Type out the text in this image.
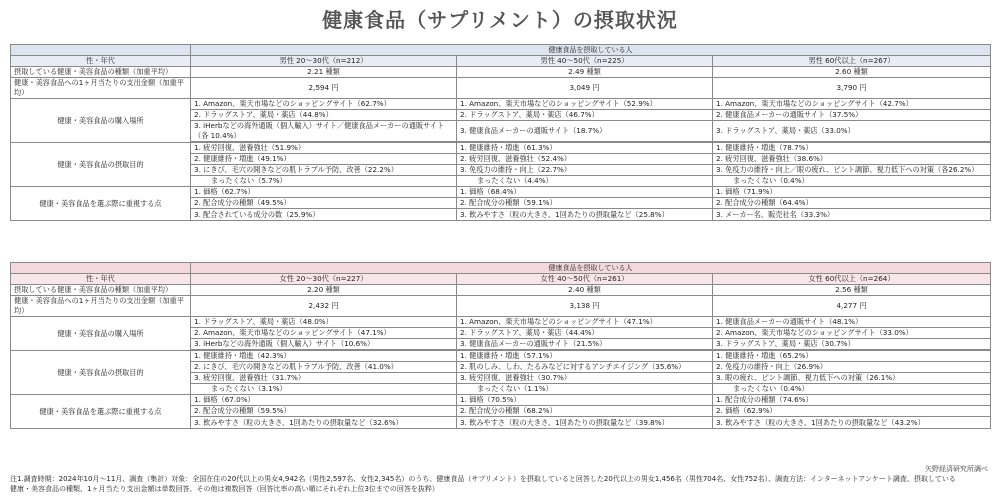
健康食品（サプリメント）の摂取状況
	健康食品を摂取している人		
性・年代	男性 20～30代（n=212）	男性 40～50代（n=225）	男性 60代以上（n=267）
摂取している健康・美容食品の種類（加重平均）	2.21 種類	2.49 種類	2.60 種類
健康・美容食品への1ヶ月当たりの支出金額（加重平均）	2,594 円	3,049 円	3,790 円
健康・美容食品の購入場所	1. Amazon、楽天市場などのショッピングサイト（62.7%）	1. Amazon、楽天市場などのショッピングサイト（52.9%）	1. Amazon、楽天市場などのショッピングサイト（42.7%）
	2. ドラッグストア、薬局・薬店（44.8%）	2. ドラッグストア、薬局・薬店（46.7%）	2. 健康食品メーカーの通販サイト（37.5%）
	3. iHerbなどの海外通販（個人輸入）サイト／健康食品メーカーの通販サイト（各 10.4%）	3. 健康食品メーカーの通販サイト（18.7%）	3. ドラッグストア、薬局・薬店（33.0%）

健康・美容食品の摂取目的	1. 疲労回復、滋養強壮（51.9%）	1. 健康維持・増進（61.3%）	1. 健康維持・増進（78.7%）
	2. 健康維持・増進（49.1%）	2. 疲労回復、滋養強壮（52.4%）	2. 疲労回復、滋養強壮（38.6%）
	3. にきび、毛穴の開きなどの肌トラブル予防、改善（22.2%）	3. 免疫力の維持・向上（22.7%）	3. 免疫力の維持・向上／眼の疲れ、ピント調節、視力低下への対策（各26.2%）
	まったくない（5.7%）	まったくない（4.4%）	まったくない（0.4%）
健康・美容食品を選ぶ際に重視する点	1. 価格（62.7%）	1. 価格（68.4%）	1. 価格（71.9%）
	2. 配合成分の種類（49.5%）	2. 配合成分の種類（59.1%）	2. 配合成分の種類（64.4%）
	3. 配合されている成分の数（25.9%）	3. 飲みやすさ（粒の大きさ、1回あたりの摂取量など（25.8%）	3. メーカー名、販売社名（33.3%）
	健康食品を摂取している人		
性・年代	女性 20～30代（n=227）	女性 40～50代（n=261）	女性 60代以上（n=264）
摂取している健康・美容食品の種類（加重平均）	2.20 種類	2.40 種類	2.56 種類
健康・美容食品への1ヶ月当たりの支出金額（加重平均）	2,432 円	3,138 円	4,277 円
健康・美容食品の購入場所	1. ドラッグストア、薬局・薬店（48.0%）	1. Amazon、楽天市場などのショッピングサイト（47.1%）	1. 健康食品メーカーの通販サイト（48.1%）
	2. Amazon、楽天市場などのショッピングサイト（47.1%）	2. ドラッグストア、薬局・薬店（44.4%）	2. Amazon、楽天市場などのショッピングサイト（33.0%）
	3. iHerbなどの海外通販（個人輸入）サイト（10.6%）	3. 健康食品メーカーの通販サイト（21.5%）	3. ドラッグストア、薬局・薬店（30.7%）

健康・美容食品の摂取目的	1. 健康維持・増進（42.3%）	1. 健康維持・増進（57.1%）	1. 健康維持・増進（65.2%）
	2. にきび、毛穴の開きなどの肌トラブル予防、改善（41.0%）	2. 肌のしみ、しわ、たるみなどに対するアンチエイジング（35.6%）	2. 免疫力の維持・向上（26.9%）
	3. 疲労回復、滋養強壮（31.7%）	3. 疲労回復、滋養強壮（30.7%）	3. 眼の疲れ、ピント調節、視力低下への対策（26.1%）
	まったくない（3.1%）	まったくない（1.1%）	まったくない（0.4%）
健康・美容食品を選ぶ際に重視する点	1. 価格（67.0%）	1. 価格（70.5%）	1. 配合成分の種類（74.6%）
	2. 配合成分の種類（59.5%）	2. 配合成分の種類（68.2%）	2. 価格（62.9%）
	3. 飲みやすさ（粒の大きさ、1回あたりの摂取量など（32.6%）	3. 飲みやすさ（粒の大きさ、1回あたりの摂取量など（39.8%）	3. 飲みやすさ（粒の大きさ、1回あたりの摂取量など（43.2%）
矢野経済研究所調べ
注1.調査時期：2024年10月～11月、調査（集計）対象：全国在住の20代以上の男女4,942名（男性2,597名、女性2,345名）のうち、健康食品（サプリメント）を摂取していると回答した20代以上の男女1,456名（男性704名、女性752名）、調査方法：インターネットアンケート調査、摂取している
健康・美容食品の種類、1ヶ月当たり支出金額は単数回答、その他は複数回答（回答比率の高い順にそれぞれ上位3位までの回答を抜粋）
